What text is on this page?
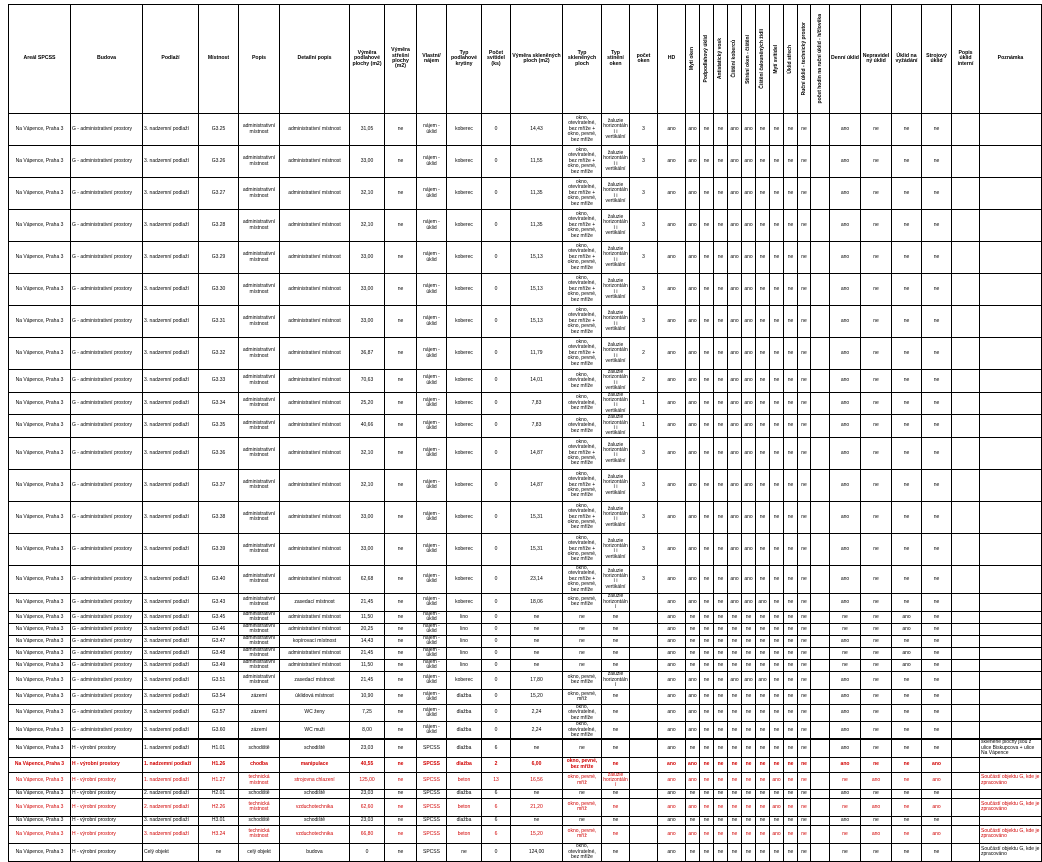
Areál SPCSS	Budova	Podlaží	Místnost	Popis	Detailní popis	Výměra podlahové plochy (m2)	Výměra střešní plochy (m2)	Vlastní/ nájem	Typ podlahové krytiny	Počet svítidel (ks)	Výměra skleněných ploch (m2)	Typ skleněných ploch	Typ stínění oken	počet oken	HD	Mytí oken	Podpodlahový úklid	Antistatický vosk	Čištění koberců	Stírání oken - čištění	Čištění čalouněných židlí	Mytí svítidel	Úklid střech	Ruční úklid - technický prostor	počet hodin na ruční úklid - h/člověka	Denní úklid	Nepravidelný úklid	Úklid na vyžádání	Strojový úklid	Popis úklid interní	Poznámka
Na Vápence, Praha 3	G - administrativní prostory	3. nadzemní podlaží	G3.25	administrativní místnost	administrativní místnost	31,05	ne	nájem - úklid	koberec	0	14,43	okno, otevíratelné, bez mříže + okno, pevné, bez mříže	žaluzie horizontální i vertikální	3	ano	ano	ne	ne	ano	ano	ne	ne	ne	ne		ano	ne	ne	ne		
Na Vápence, Praha 3	G - administrativní prostory	3. nadzemní podlaží	G3.26	administrativní místnost	administrativní místnost	33,00	ne	nájem - úklid	koberec	0	11,55	okno, otevíratelné, bez mříže + okno, pevné, bez mříže	žaluzie horizontální i vertikální	3	ano	ano	ne	ne	ano	ano	ne	ne	ne	ne		ano	ne	ne	ne		
Na Vápence, Praha 3	G - administrativní prostory	3. nadzemní podlaží	G3.27	administrativní místnost	administrativní místnost	32,10	ne	nájem - úklid	koberec	0	11,35	okno, otevíratelné, bez mříže + okno, pevné, bez mříže	žaluzie horizontální i vertikální	3	ano	ano	ne	ne	ano	ano	ne	ne	ne	ne		ano	ne	ne	ne		
Na Vápence, Praha 3	G - administrativní prostory	3. nadzemní podlaží	G3.28	administrativní místnost	administrativní místnost	32,10	ne	nájem - úklid	koberec	0	11,35	okno, otevíratelné, bez mříže + okno, pevné, bez mříže	žaluzie horizontální i vertikální	3	ano	ano	ne	ne	ano	ano	ne	ne	ne	ne		ano	ne	ne	ne		
Na Vápence, Praha 3	G - administrativní prostory	3. nadzemní podlaží	G3.29	administrativní místnost	administrativní místnost	33,00	ne	nájem - úklid	koberec	0	15,13	okno, otevíratelné, bez mříže + okno, pevné, bez mříže	žaluzie horizontální i vertikální	3	ano	ano	ne	ne	ano	ano	ne	ne	ne	ne		ano	ne	ne	ne		
Na Vápence, Praha 3	G - administrativní prostory	3. nadzemní podlaží	G3.30	administrativní místnost	administrativní místnost	33,00	ne	nájem - úklid	koberec	0	15,13	okno, otevíratelné, bez mříže + okno, pevné, bez mříže	žaluzie horizontální i vertikální	3	ano	ano	ne	ne	ano	ano	ne	ne	ne	ne		ano	ne	ne	ne		
Na Vápence, Praha 3	G - administrativní prostory	3. nadzemní podlaží	G3.31	administrativní místnost	administrativní místnost	33,00	ne	nájem - úklid	koberec	0	15,13	okno, otevíratelné, bez mříže + okno, pevné, bez mříže	žaluzie horizontální i vertikální	3	ano	ano	ne	ne	ano	ano	ne	ne	ne	ne		ano	ne	ne	ne		
Na Vápence, Praha 3	G - administrativní prostory	3. nadzemní podlaží	G3.32	administrativní místnost	administrativní místnost	36,87	ne	nájem - úklid	koberec	0	11,79	okno, otevíratelné, bez mříže + okno, pevné, bez mříže	žaluzie horizontální i vertikální	2	ano	ano	ne	ne	ano	ano	ne	ne	ne	ne		ano	ne	ne	ne		
Na Vápence, Praha 3	G - administrativní prostory	3. nadzemní podlaží	G3.33	administrativní místnost	administrativní místnost	70,63	ne	nájem - úklid	koberec	0	14,01	okno, otevíratelné, bez mříže	žaluzie horizontální i vertikální	2	ano	ano	ne	ne	ano	ano	ne	ne	ne	ne		ano	ne	ne	ne		
Na Vápence, Praha 3	G - administrativní prostory	3. nadzemní podlaží	G3.34	administrativní místnost	administrativní místnost	25,20	ne	nájem - úklid	koberec	0	7,83	okno, otevíratelné, bez mříže	žaluzie horizontální i vertikální	1	ano	ano	ne	ne	ano	ano	ne	ne	ne	ne		ano	ne	ne	ne		
Na Vápence, Praha 3	G - administrativní prostory	3. nadzemní podlaží	G3.35	administrativní místnost	administrativní místnost	40,66	ne	nájem - úklid	koberec	0	7,83	okno, otevíratelné, bez mříže	žaluzie horizontální i vertikální	1	ano	ano	ne	ne	ano	ano	ne	ne	ne	ne		ano	ne	ne	ne		
Na Vápence, Praha 3	G - administrativní prostory	3. nadzemní podlaží	G3.36	administrativní místnost	administrativní místnost	32,10	ne	nájem - úklid	koberec	0	14,87	okno, otevíratelné, bez mříže + okno, pevné, bez mříže	žaluzie horizontální i vertikální	3	ano	ano	ne	ne	ano	ano	ne	ne	ne	ne		ano	ne	ne	ne		
Na Vápence, Praha 3	G - administrativní prostory	3. nadzemní podlaží	G3.37	administrativní místnost	administrativní místnost	32,10	ne	nájem - úklid	koberec	0	14,87	okno, otevíratelné, bez mříže + okno, pevné, bez mříže	žaluzie horizontální i vertikální	3	ano	ano	ne	ne	ano	ano	ne	ne	ne	ne		ano	ne	ne	ne		
Na Vápence, Praha 3	G - administrativní prostory	3. nadzemní podlaží	G3.38	administrativní místnost	administrativní místnost	33,00	ne	nájem - úklid	koberec	0	15,31	okno, otevíratelné, bez mříže + okno, pevné, bez mříže	žaluzie horizontální i vertikální	3	ano	ano	ne	ne	ano	ano	ne	ne	ne	ne		ano	ne	ne	ne		
Na Vápence, Praha 3	G - administrativní prostory	3. nadzemní podlaží	G3.39	administrativní místnost	administrativní místnost	33,00	ne	nájem - úklid	koberec	0	15,31	okno, otevíratelné, bez mříže + okno, pevné, bez mříže	žaluzie horizontální i vertikální	3	ano	ano	ne	ne	ano	ano	ne	ne	ne	ne		ano	ne	ne	ne		
Na Vápence, Praha 3	G - administrativní prostory	3. nadzemní podlaží	G3.40	administrativní místnost	administrativní místnost	62,68	ne	nájem - úklid	koberec	0	23,14	okno, otevíratelné, bez mříže + okno, pevné, bez mříže	žaluzie horizontální i vertikální	3	ano	ano	ne	ne	ano	ano	ne	ne	ne	ne		ano	ne	ne	ne		
Na Vápence, Praha 3	G - administrativní prostory	3. nadzemní podlaží	G3.43	administrativní místnost	zasedací místnost	21,45	ne	nájem - úklid	koberec	0	18,06	okno, pevné, bez mříže	žaluzie horizontální		ano	ano	ne	ne	ano	ano	ano	ne	ne	ne		ano	ne	ne	ne		
Na Vápence, Praha 3	G - administrativní prostory	3. nadzemní podlaží	G3.45	administrativní místnost	administrativní místnost	11,50	ne	nájem - úklid	lino	0	ne	ne	ne		ano	ne	ne	ne	ne	ne	ne	ne	ne	ne		ne	ne	ano	ne		
Na Vápence, Praha 3	G - administrativní prostory	3. nadzemní podlaží	G3.46	administrativní místnost	administrativní místnost	20,25	ne	nájem - úklid	lino	0	ne	ne	ne		ano	ne	ne	ne	ne	ne	ne	ne	ne	ne		ne	ne	ano	ne		
Na Vápence, Praha 3	G - administrativní prostory	3. nadzemní podlaží	G3.47	administrativní místnost	kopírovací místnost	14,43	ne	nájem - úklid	lino	0	ne	ne	ne		ano	ne	ne	ne	ne	ne	ne	ne	ne	ne		ano	ne	ne	ne		
Na Vápence, Praha 3	G - administrativní prostory	3. nadzemní podlaží	G3.48	administrativní místnost	administrativní místnost	21,45	ne	nájem - úklid	lino	0	ne	ne	ne		ano	ne	ne	ne	ne	ne	ne	ne	ne	ne		ne	ne	ano	ne		
Na Vápence, Praha 3	G - administrativní prostory	3. nadzemní podlaží	G3.49	administrativní místnost	administrativní místnost	11,50	ne	nájem - úklid	lino	0	ne	ne	ne		ano	ne	ne	ne	ne	ne	ne	ne	ne	ne		ne	ne	ano	ne		
Na Vápence, Praha 3	G - administrativní prostory	3. nadzemní podlaží	G3.51	administrativní místnost	zasedací místnost	21,45	ne	nájem - úklid	koberec	0	17,80	okno, pevné, bez mříže	žaluzie horizontální		ano	ano	ne	ne	ano	ano	ano	ne	ne	ne		ano	ne	ne	ne		
Na Vápence, Praha 3	G - administrativní prostory	3. nadzemní podlaží	G3.54	zázemí	úklidová místnost	10,90	ne	nájem - úklid	dlažba	0	15,20	okno, pevné, mříž	ne		ano	ano	ne	ne	ne	ne	ne	ne	ne	ne		ano	ne	ne	ne		
Na Vápence, Praha 3	G - administrativní prostory	3. nadzemní podlaží	G3.57	zázemí	WC ženy	7,25	ne	nájem - úklid	dlažba	0	2,24	okno, otevíratelné, bez mříže	ne		ano	ano	ne	ne	ne	ne	ne	ne	ne	ne		ano	ne	ne	ne		
Na Vápence, Praha 3	G - administrativní prostory	3. nadzemní podlaží	G3.60	zázemí	WC muži	8,00	ne	nájem - úklid	dlažba	0	2,24	okno, otevíratelné, bez mříže	ne		ano	ano	ne	ne	ne	ne	ne	ne	ne	ne		ano	ne	ne	ne		
Na Vápence, Praha 3	H - výrobní prostory	1. nadzemní podlaží	H1.01	schodiště	schodiště	23,03	ne	SPCSS	dlažba	6	ne	ne	ne		ano	ne	ne	ne	ne	ne	ne	ne	ne	ne		ano	ne	ne	ne		skleněné plochy jsou z ulice Biskupcova + ulice Na Vápence
Na Vápence, Praha 3	H - výrobní prostory	1. nadzemní podlaží	H1.26	chodba	manipulace	40,55	ne	SPCSS	dlažba	2	6,00	okno, pevné, bez mříže	ne		ano	ano	ne	ne	ne	ne	ne	ne	ne	ne		ano	ne	ne	ano		
Na Vápence, Praha 3	H - výrobní prostory	1. nadzemní podlaží	H1.27	technická místnost	strojovna chlazení	125,00	ne	SPCSS	beton	13	16,56	okno, pevné, mříž	žaluzie horizontální		ano	ano	ne	ne	ne	ne	ne	ano	ne	ne		ne	ano	ne	ano		Součástí objektu G, kde je zpracováno
Na Vápence, Praha 3	H - výrobní prostory	2. nadzemní podlaží	H2.01	schodiště	schodiště	23,03	ne	SPCSS	dlažba	6	ne	ne	ne		ano	ne	ne	ne	ne	ne	ne	ne	ne	ne		ano	ne	ne	ne		
Na Vápence, Praha 3	H - výrobní prostory	2. nadzemní podlaží	H2.26	technická místnost	vzduchotechnika	62,60	ne	SPCSS	beton	6	21,20	okno, pevné, mříž	ne		ano	ano	ne	ne	ne	ne	ne	ano	ne	ne		ne	ano	ne	ano		Součástí objektu G, kde je zpracováno
Na Vápence, Praha 3	H - výrobní prostory	3. nadzemní podlaží	H3.01	schodiště	schodiště	23,03	ne	SPCSS	dlažba	6	ne	ne	ne		ano	ne	ne	ne	ne	ne	ne	ne	ne	ne		ano	ne	ne	ne		
Na Vápence, Praha 3	H - výrobní prostory	3. nadzemní podlaží	H3.24	technická místnost	vzduchotechnika	66,80	ne	SPCSS	beton	6	15,20	okno, pevné, mříž	ne		ano	ano	ne	ne	ne	ne	ne	ano	ne	ne		ne	ano	ne	ano		Součástí objektu G, kde je zpracováno
Na Vápence, Praha 3	H - výrobní prostory	Celý objekt	ne	celý objekt	budova	0	ne	SPCSS	ne	0	124,00	okno, otevíratelné, bez mříže	ne		ano	ne	ne	ne	ne	ne	ne	ne	ne	ne		ne	ne	ne	ne		Součástí objektu G, kde je zpracováno
